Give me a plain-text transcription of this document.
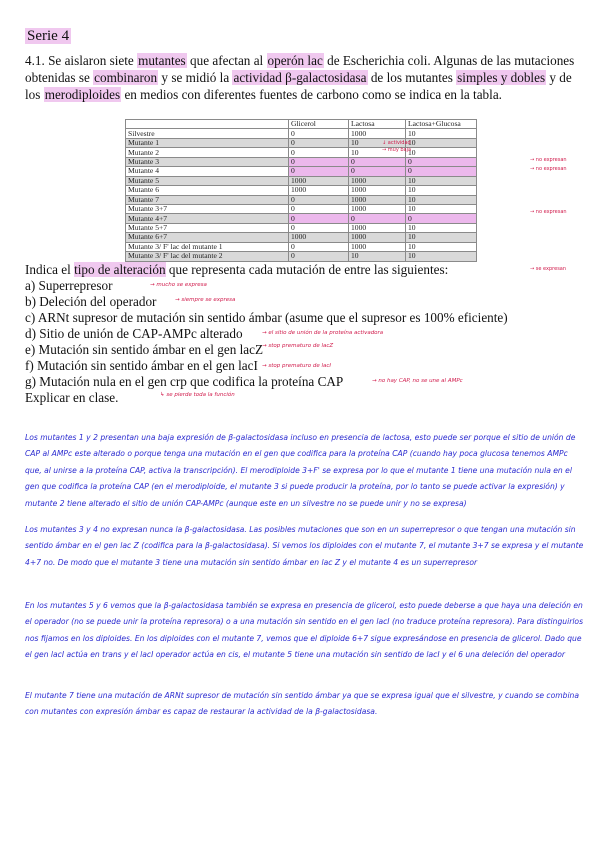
Serie 4
4.1. Se aislaron siete mutantes que afectan al operón lac de Escherichia coli. Algunas de las mutaciones obtenidas se combinaron y se midió la actividad β-galactosidasa de los mutantes simples y dobles y de los merodiploides en medios con diferentes fuentes de carbono como se indica en la tabla.
	Glicerol	Lactosa	Lactosa+Glucosa
Silvestre	0	1000	10
Mutante 1	0	10	10
Mutante 2	0	10	10
Mutante 3	0	0	0
Mutante 4	0	0	0
Mutante 5	1000	1000	10
Mutante 6	1000	1000	10
Mutante 7	0	1000	10
Mutante 3+7	0	1000	10
Mutante 4+7	0	0	0
Mutante 5+7	0	1000	10
Mutante 6+7	1000	1000	10
Mutante 3/ F' lac del mutante 1	0	1000	10
Mutante 3/ F' lac del mutante 2	0	10	10
↓ actividad
→ muy baja
→ no expresan
→ no expresan
→ no expresan
→ se expresan
Indica el tipo de alteración que representa cada mutación de entre las siguientes:
a) Superrepresor
b) Deleción del operador
c) ARNt supresor de mutación sin sentido ámbar (asume que el supresor es 100% eficiente)
d) Sitio de unión de CAP-AMPc alterado
e) Mutación sin sentido ámbar en el gen lacZ
f) Mutación sin sentido ámbar en el gen lacI
g) Mutación nula en el gen crp que codifica la proteína CAP
Explicar en clase.
→ mucho se expresa
→ siempre se expresa
→ el sitio de unión de la proteína activadora
→ stop prematuro de lacZ
→ stop prematuro de lacI
→ no hay CAP, no se une al AMPc
↳ se pierde toda la función
Los mutantes 1 y 2 presentan una baja expresión de β-galactosidasa incluso en presencia de lactosa, esto puede ser porque el sitio de unión de CAP al AMPc este alterado o porque tenga una mutación en el gen que codifica para la proteína CAP (cuando hay poca glucosa tenemos AMPc que, al unirse a la proteína CAP, activa la transcripción). El merodiploide 3+F' se expresa por lo que el mutante 1 tiene una mutación nula en el gen que codifica la proteína CAP (en el merodiploide, el mutante 3 si puede producir la proteína, por lo tanto se puede activar la expresión) y mutante 2 tiene alterado el sitio de unión CAP-AMPc (aunque este en un silvestre no se puede unir y no se expresa)
Los mutantes 3 y 4 no expresan nunca la β-galactosidasa. Las posibles mutaciones que son en un superrepresor o que tengan una mutación sin sentido ámbar en el gen lac Z (codifica para la β-galactosidasa). Si vemos los diploides con el mutante 7, el mutante 3+7 se expresa y el mutante 4+7 no. De modo que el mutante 3 tiene una mutación sin sentido ámbar en lac Z y el mutante 4 es un superrepresor
En los mutantes 5 y 6 vemos que la β-galactosidasa también se expresa en presencia de glicerol, esto puede deberse a que haya una deleción en el operador (no se puede unir la proteína represora) o a una mutación sin sentido en el gen lacI (no traduce proteína represora). Para distinguirlos nos fijamos en los diploides. En los diploides con el mutante 7, vemos que el diploide 6+7 sigue expresándose en presencia de glicerol. Dado que el gen lacI actúa en trans y el lacI operador actúa en cis, el mutante 5 tiene una mutación sin sentido de lacI y el 6 una deleción del operador
El mutante 7 tiene una mutación de ARNt supresor de mutación sin sentido ámbar ya que se expresa igual que el silvestre, y cuando se combina con mutantes con expresión ámbar es capaz de restaurar la actividad de la β-galactosidasa.
